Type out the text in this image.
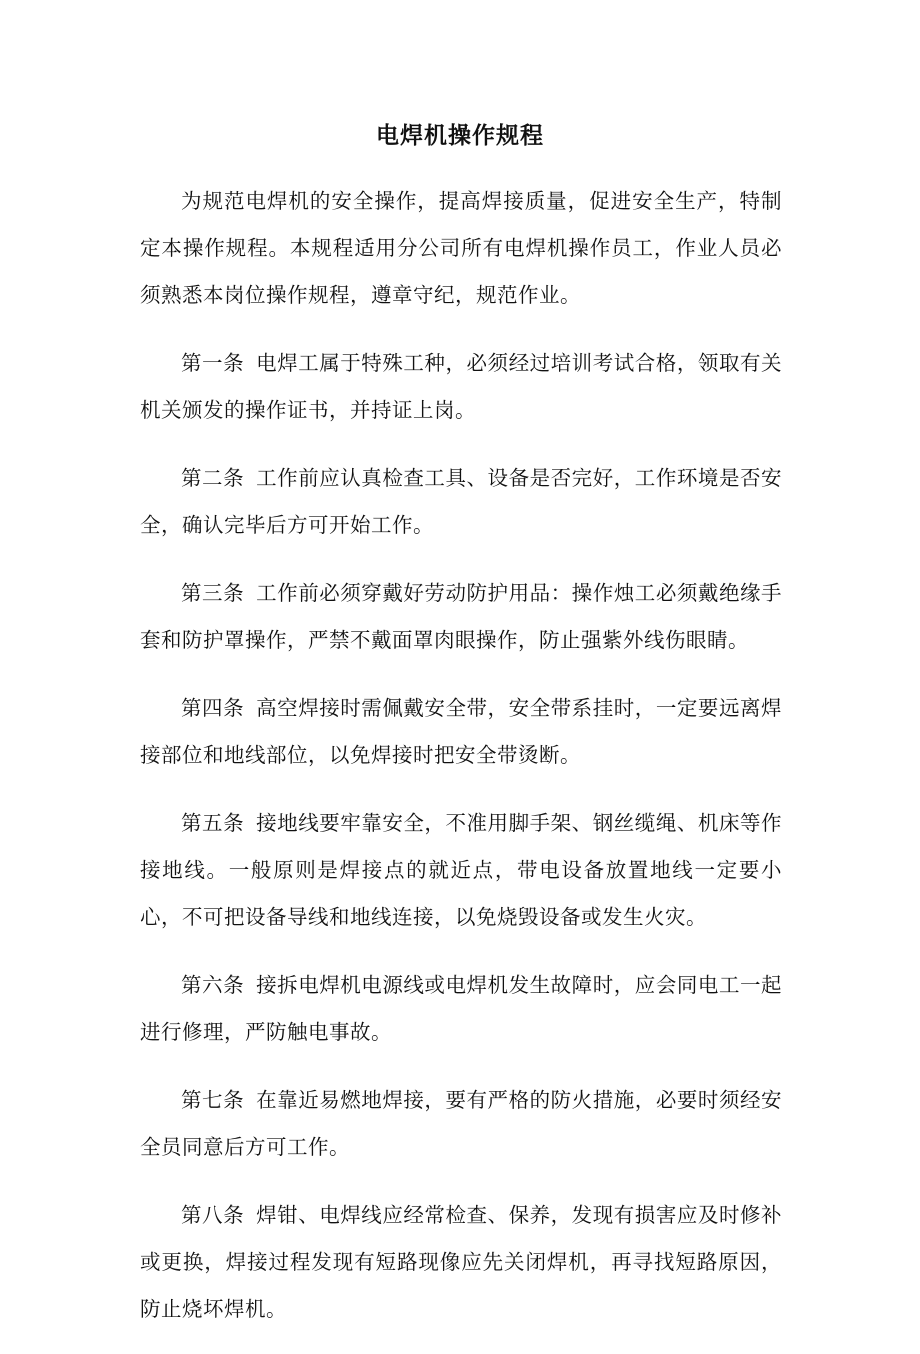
电焊机操作规程

为规范电焊机的安全操作，提高焊接质量，促进安全生产，特制定本操作规程。本规程适用分公司所有电焊机操作员工，作业人员必须熟悉本岗位操作规程，遵章守纪，规范作业。

第一条 电焊工属于特殊工种，必须经过培训考试合格，领取有关机关颁发的操作证书，并持证上岗。

第二条 工作前应认真检查工具、设备是否完好，工作环境是否安全，确认完毕后方可开始工作。

第三条 工作前必须穿戴好劳动防护用品：操作烛工必须戴绝缘手套和防护罩操作，严禁不戴面罩肉眼操作，防止强紫外线伤眼睛。

第四条 高空焊接时需佩戴安全带，安全带系挂时，一定要远离焊接部位和地线部位，以免焊接时把安全带烫断。

第五条 接地线要牢靠安全，不准用脚手架、钢丝缆绳、机床等作接地线。一般原则是焊接点的就近点，带电设备放置地线一定要小心，不可把设备导线和地线连接，以免烧毁设备或发生火灾。

第六条 接拆电焊机电源线或电焊机发生故障时，应会同电工一起进行修理，严防触电事故。

第七条 在靠近易燃地焊接，要有严格的防火措施，必要时须经安全员同意后方可工作。

第八条 焊钳、电焊线应经常检查、保养，发现有损害应及时修补或更换，焊接过程发现有短路现像应先关闭焊机，再寻找短路原因，防止烧坏焊机。
